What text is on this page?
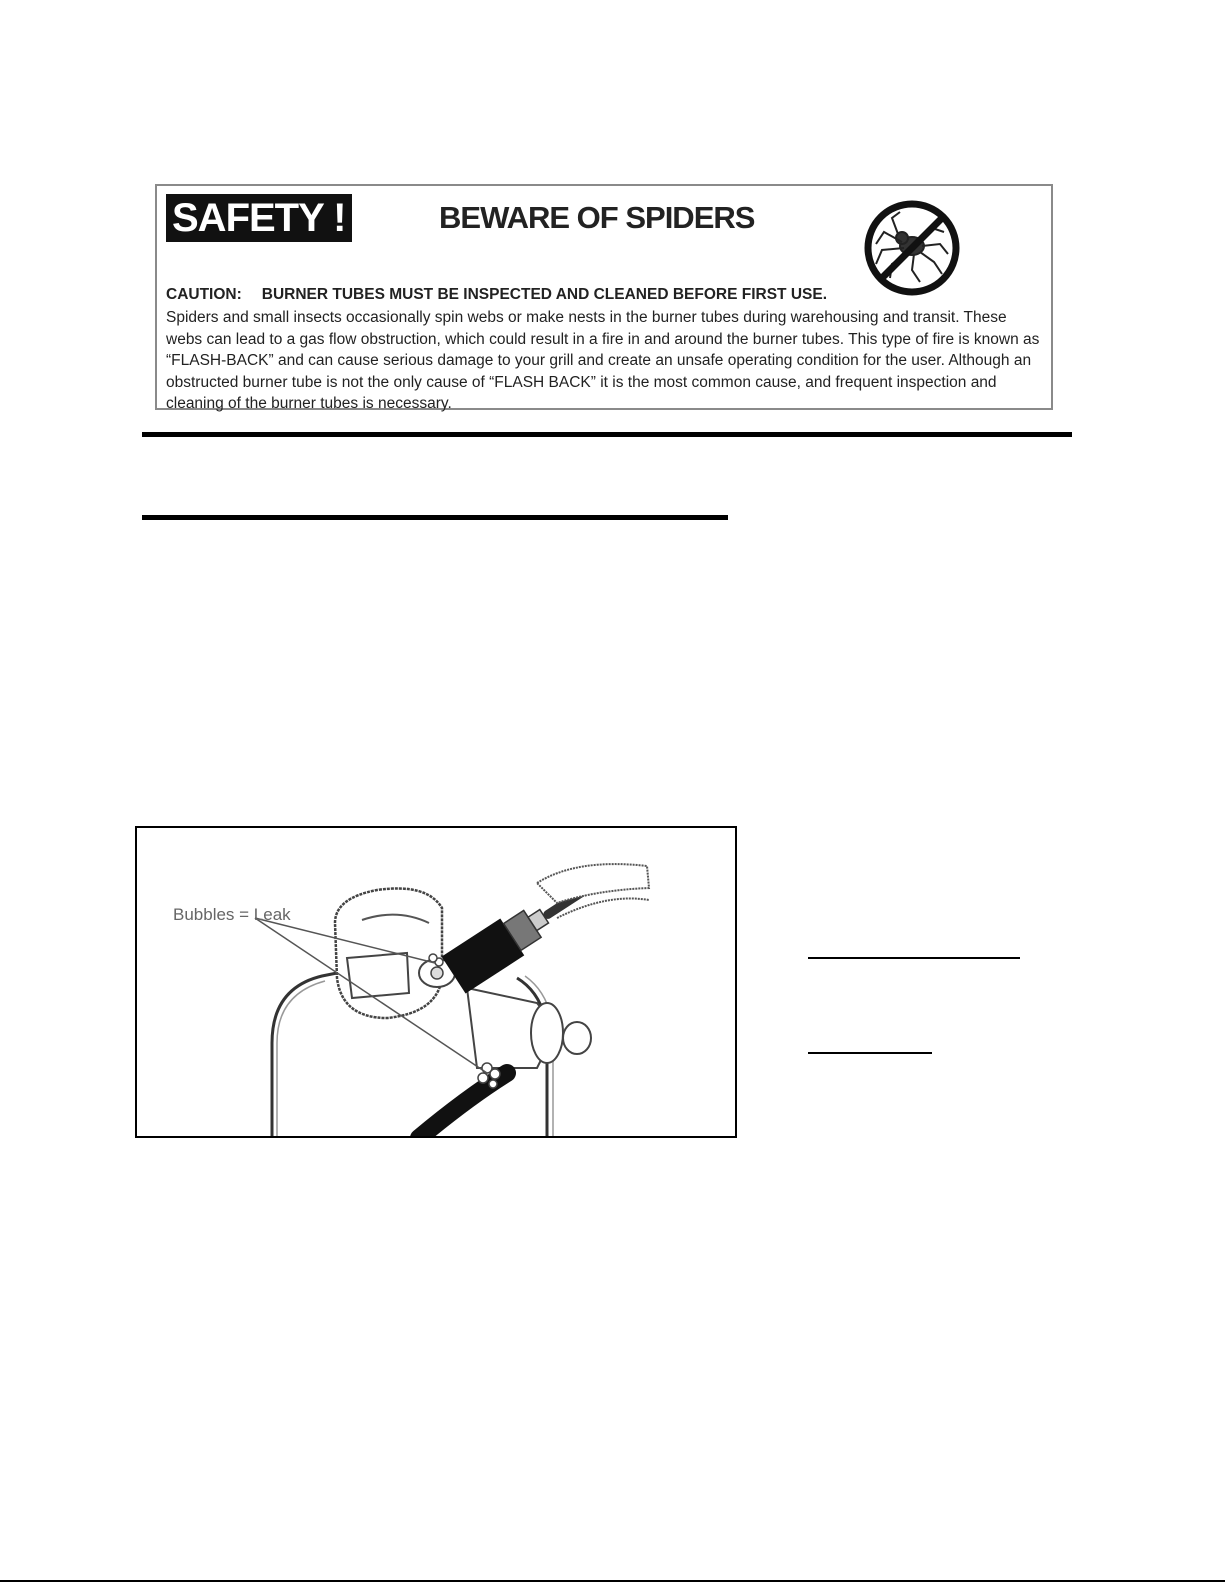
SAFETY !	BEWARE OF SPIDERS
CAUTION: BURNER TUBES MUST BE INSPECTED AND CLEANED BEFORE FIRST USE.
Spiders and small insects occasionally spin webs or make nests in the burner tubes during warehousing and transit. These webs can lead to a gas flow obstruction, which could result in a fire in and around the burner tubes. This type of fire is known as “FLASH-BACK” and can cause serious damage to your grill and create an unsafe operating condition for the user. Although an obstructed burner tube is not the only cause of “FLASH BACK” it is the most common cause, and frequent inspection and cleaning of the burner tubes is necessary.
Bubbles = Leak
